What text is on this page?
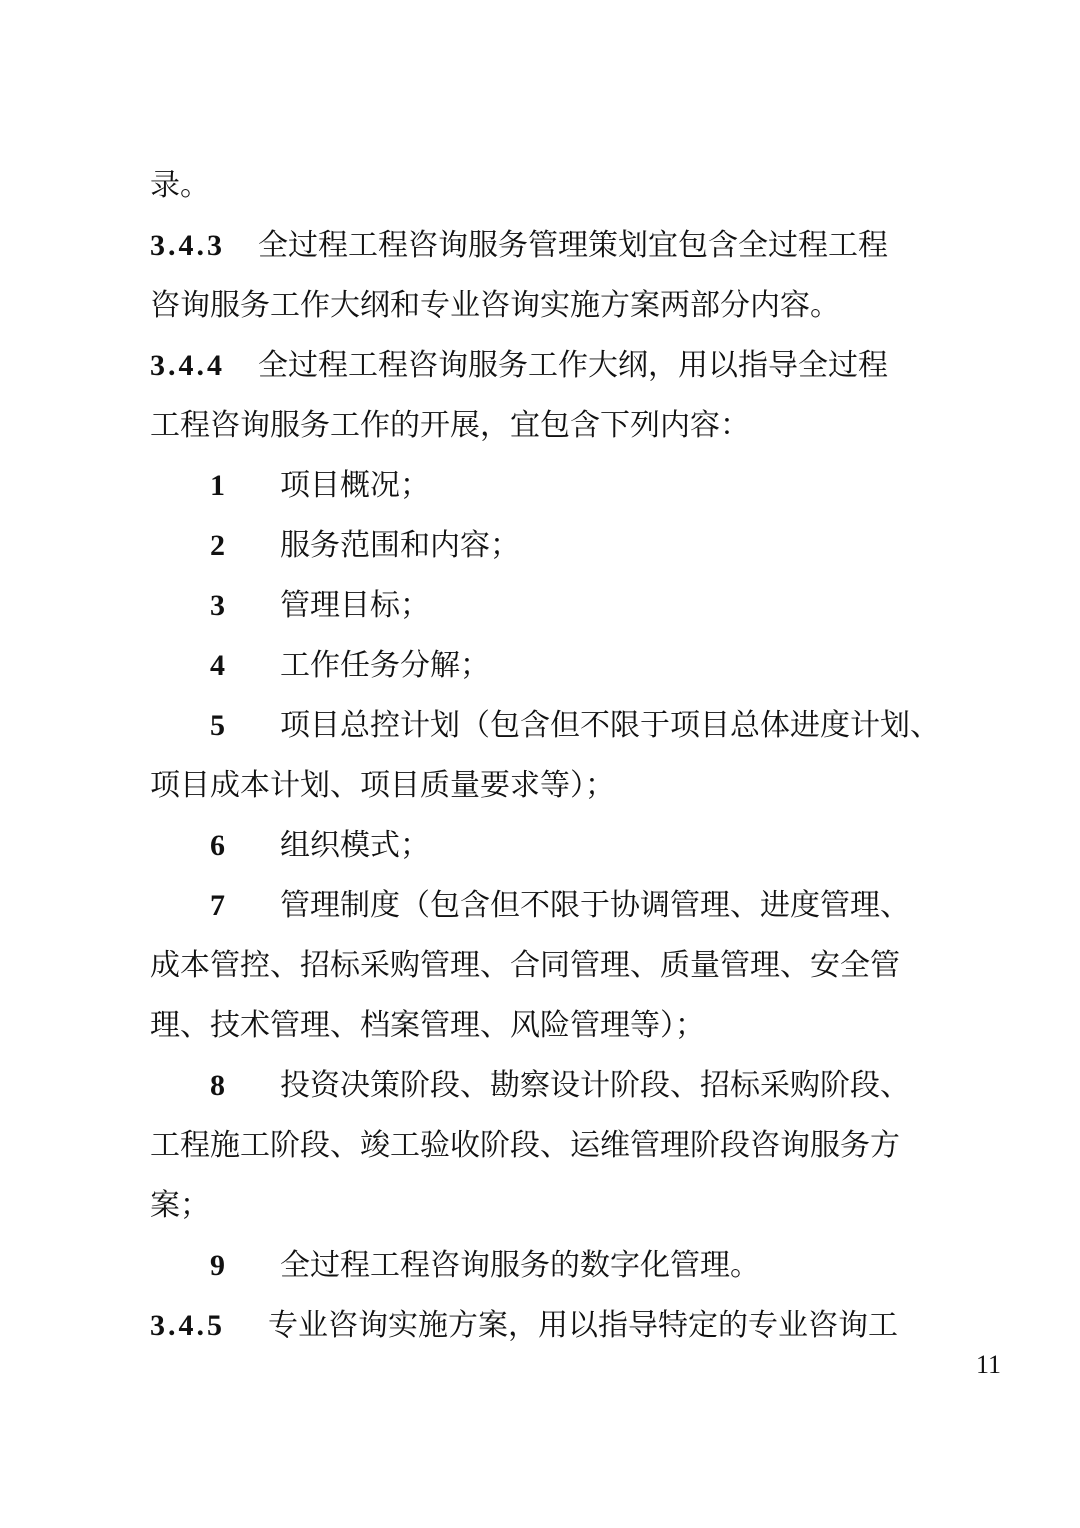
录。
3.4.3 全过程工程咨询服务管理策划宜包含全过程工程
咨询服务工作大纲和专业咨询实施方案两部分内容。
3.4.4 全过程工程咨询服务工作大纲，用以指导全过程
工程咨询服务工作的开展，宜包含下列内容：
1 项目概况；
2 服务范围和内容；
3 管理目标；
4 工作任务分解；
5 项目总控计划（包含但不限于项目总体进度计划、
项目成本计划、项目质量要求等）；
6 组织模式；
7 管理制度（包含但不限于协调管理、进度管理、
成本管控、招标采购管理、合同管理、质量管理、安全管
理、技术管理、档案管理、风险管理等）；
8 投资决策阶段、勘察设计阶段、招标采购阶段、
工程施工阶段、竣工验收阶段、运维管理阶段咨询服务方
案；
9 全过程工程咨询服务的数字化管理。
3.4.5 专业咨询实施方案，用以指导特定的专业咨询工
11
